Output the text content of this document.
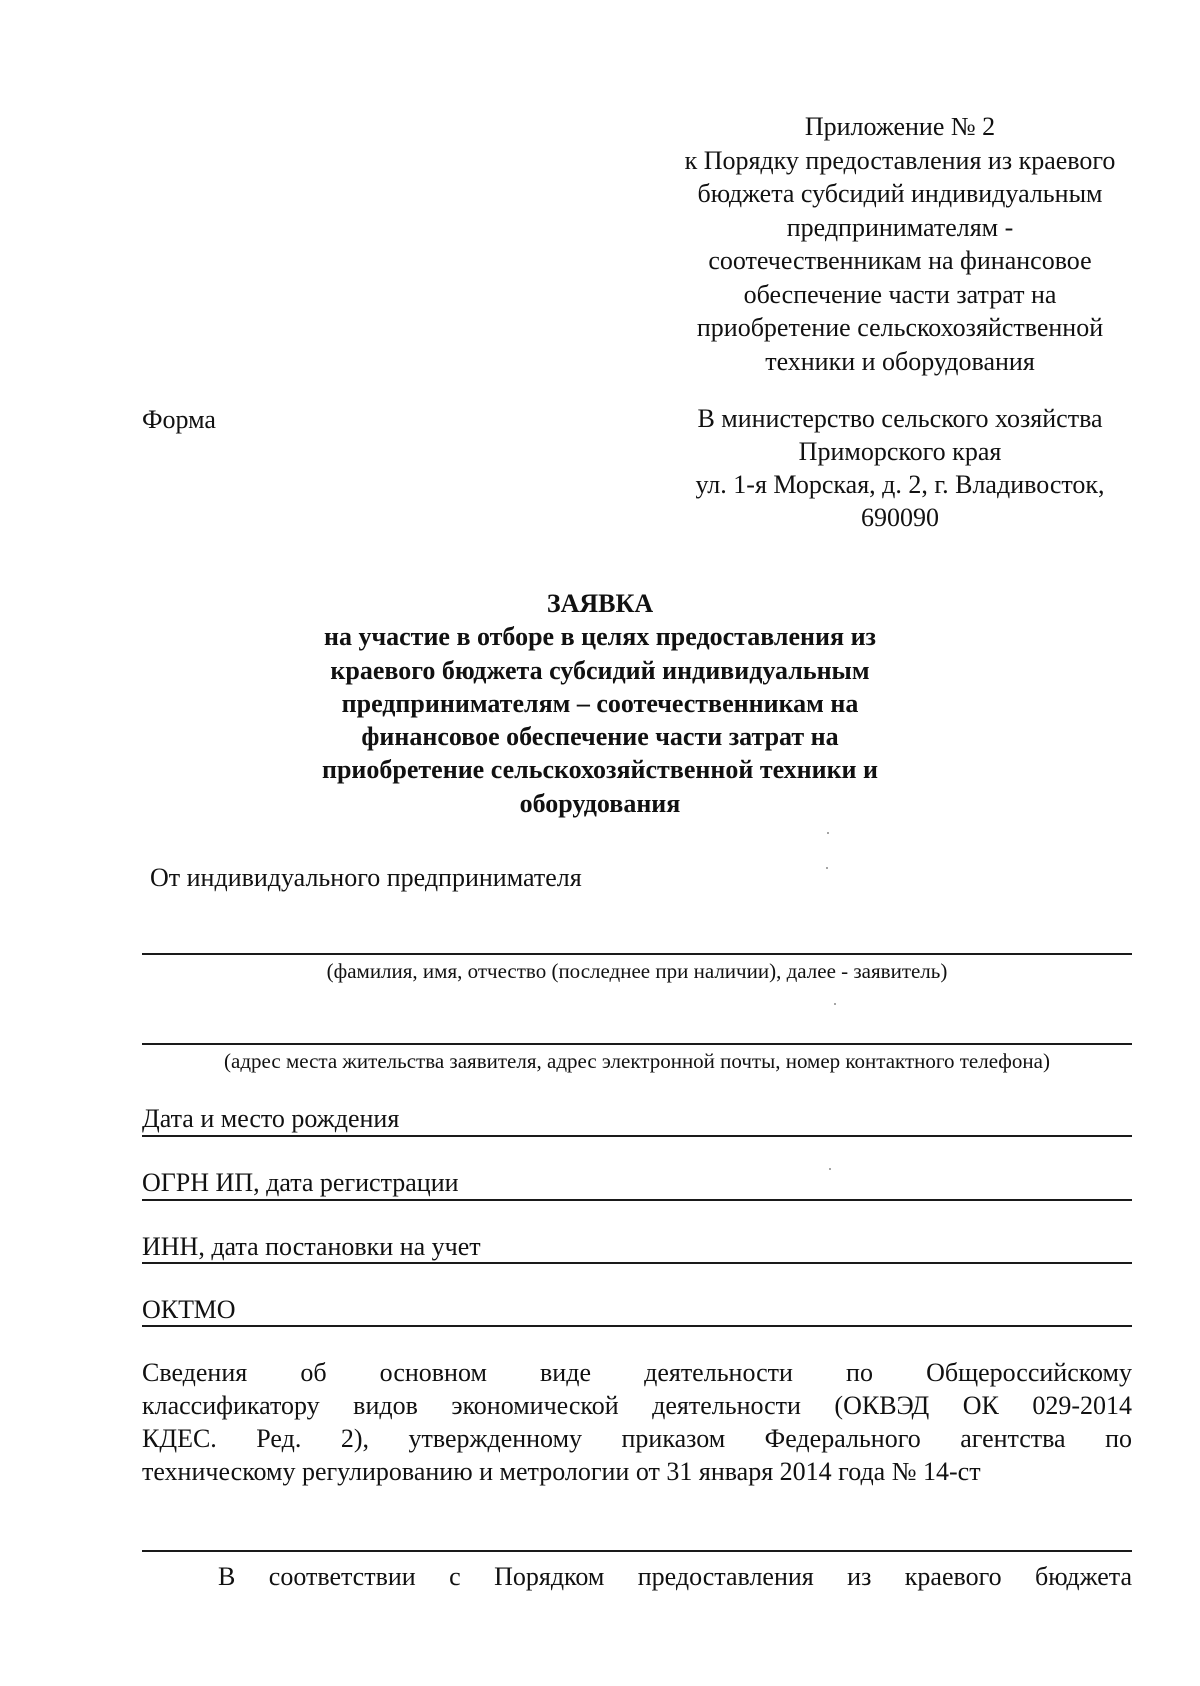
Приложение № 2
к Порядку предоставления из краевого
бюджета субсидий индивидуальным
предпринимателям -
соотечественникам на финансовое
обеспечение части затрат на
приобретение сельскохозяйственной
техники и оборудования
Форма	В министерство сельского хозяйства
Приморского края
ул. 1-я Морская, д. 2, г. Владивосток,
690090
ЗАЯВКА
на участие в отборе в целях предоставления из
краевого бюджета субсидий индивидуальным
предпринимателям – соотечественникам на
финансовое обеспечение части затрат на
приобретение сельскохозяйственной техники и
оборудования
От индивидуального предпринимателя
(фамилия, имя, отчество (последнее при наличии), далее - заявитель)
(адрес места жительства заявителя, адрес электронной почты, номер контактного телефона)
Дата и место рождения
ОГРН ИП, дата регистрации
ИНН, дата постановки на учет
ОКТМО
Сведения об основном виде деятельности по Общероссийскому
классификатору видов экономической деятельности (ОКВЭД ОК 029-2014
КДЕС. Ред. 2), утвержденному приказом Федерального агентства по
техническому регулированию и метрологии от 31 января 2014 года № 14-ст
В соответствии с Порядком предоставления из краевого бюджета
